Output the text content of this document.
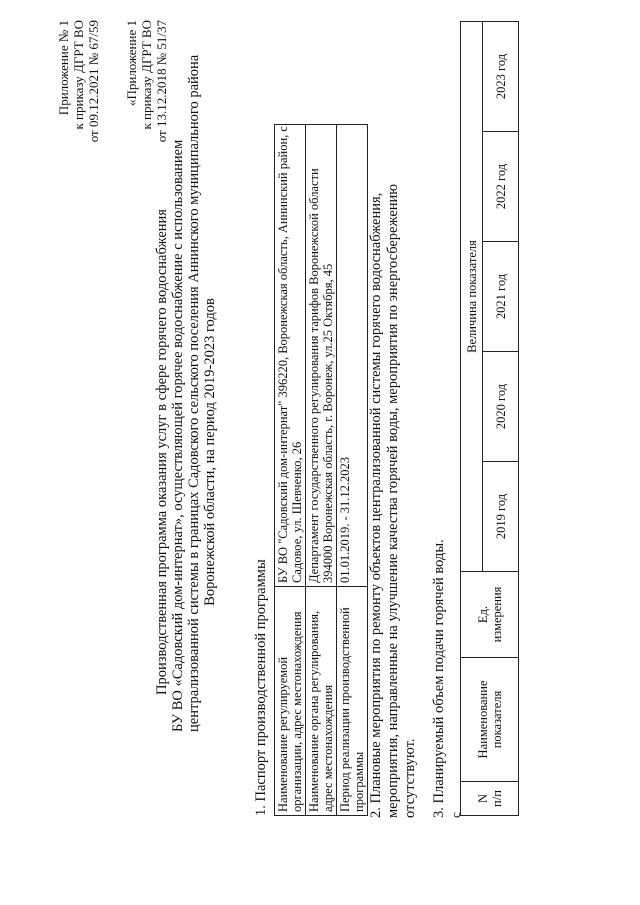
Приложение № 1 к приказу ДГРТ ВО от 09.12.2021 № 67/59 «Приложение 1 к приказу ДГРТ ВО от 13.12.2018 № 51/37
Производственная программа оказания услуг в сфере горячего водоснабжения БУ ВО «Садовский дом-интернат», осуществляющей горячее водоснабжение с использованием централизованной системы в границах Садовского сельского поселения Аннинского муниципального района Воронежской области, на период 2019-2023 годов
1. Паспорт производственной программы Наименование регулируемой организации, адрес местонахождения	БУ ВО "Садовский дом-интернат" 396220, Воронежская область, Аннинский район, с. Садовое, ул. Шевченко, 26

Наименование органа регулирования, адрес местонахождения	Департамент государственного регулирования тарифов Воронежской области 394000 Воронежская область, г. Воронеж, ул.25 Октября, 45

Период реализации производственной программы	01.01.2019. - 31.12.2023 2. Плановые мероприятия по ремонту объектов централизованной системы горячего водоснабжения, мероприятия, направленные на улучшение качества горячей воды, мероприятия по энергосбережению отсутствуют. 3. Планируемый объем подачи горячей воды. с
N п/п	Наименование показателя	Ед. измерения	Величина показателя				
			2019 год	2020 год	2021 год	2022 год	2023 год
